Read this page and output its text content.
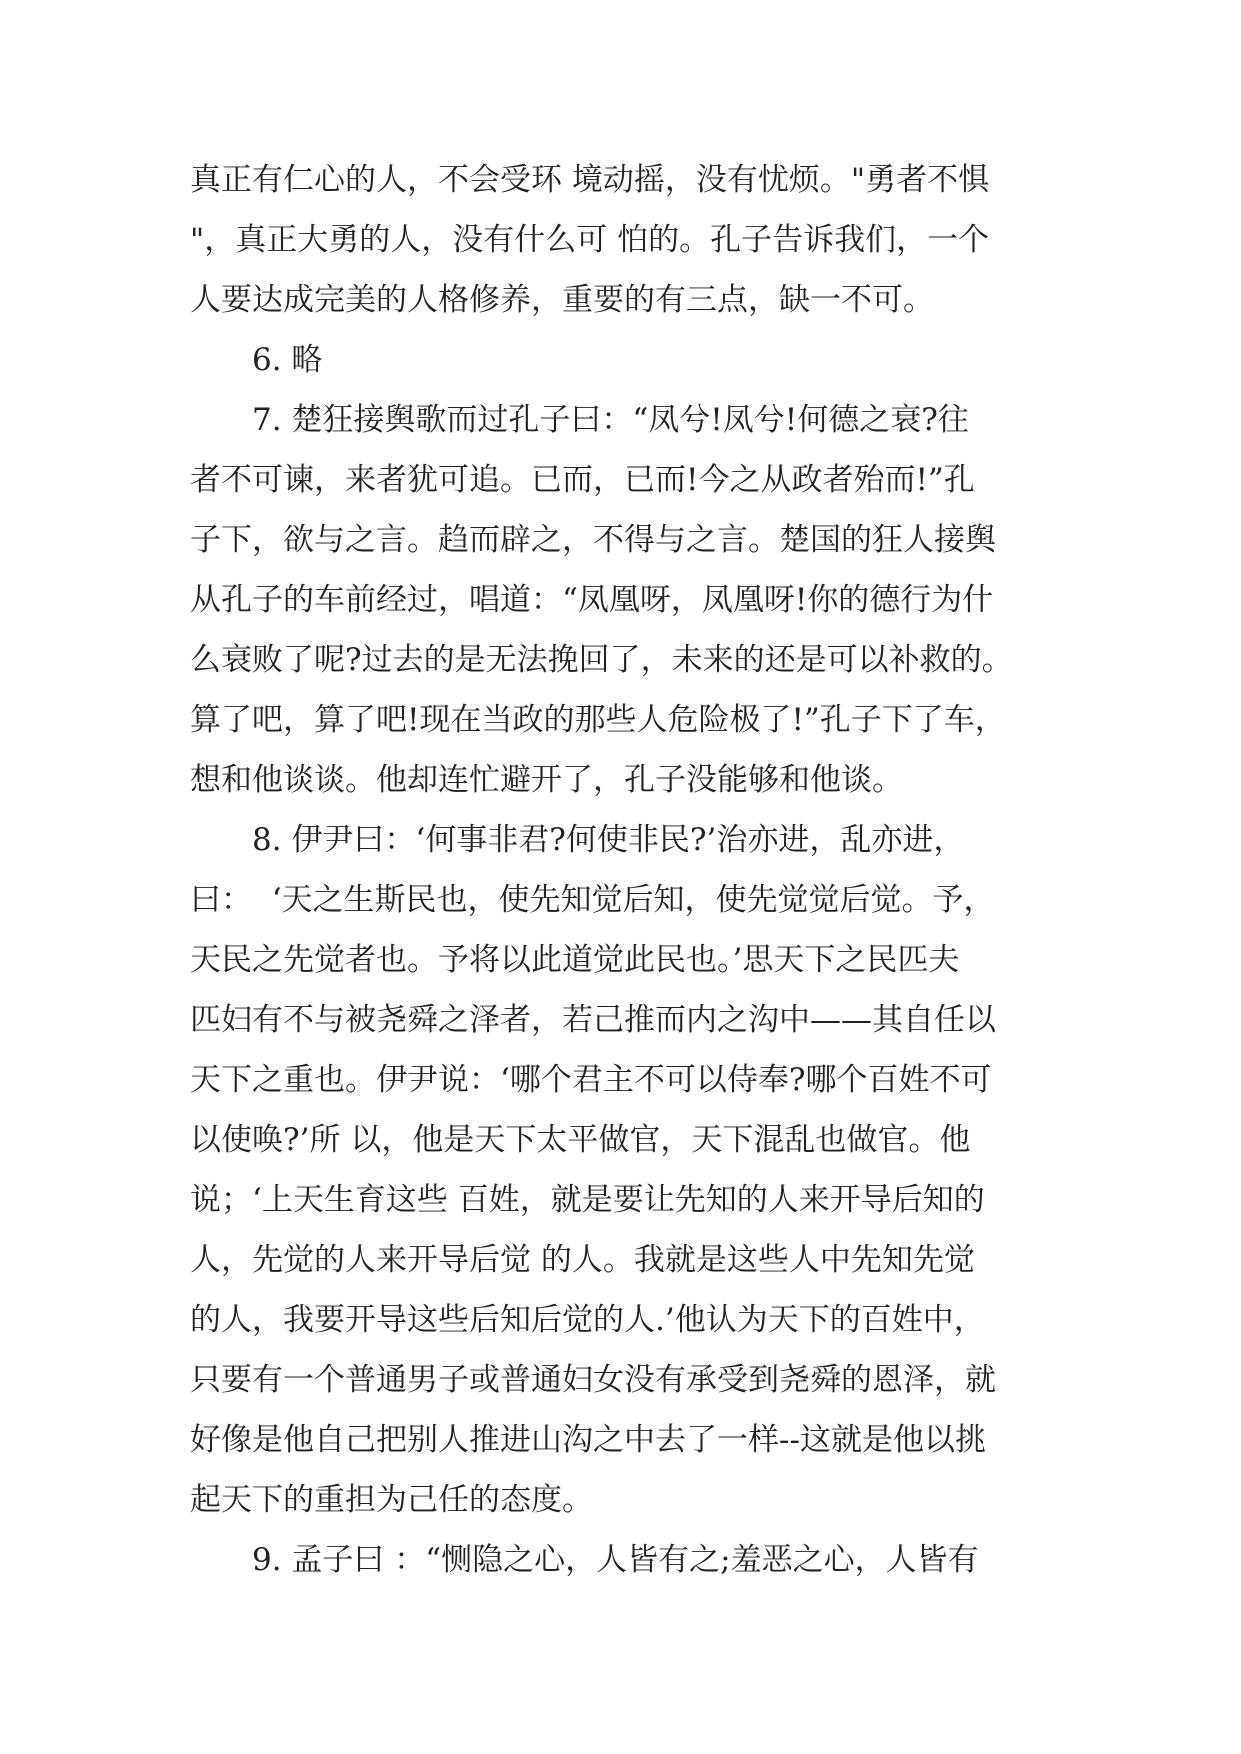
真正有仁心的人，不会受环 境动摇，没有忧烦。"勇者不惧
"，真正大勇的人，没有什么可 怕的。孔子告诉我们，一个
人要达成完美的人格修养，重要的有三点，缺一不可。
6. 略
7. 楚狂接舆歌而过孔子曰：“凤兮!凤兮!何德之衰?往
者不可谏，来者犹可追。已而，已而!今之从政者殆而!”孔
子下，欲与之言。趋而辟之，不得与之言。楚国的狂人接舆
从孔子的车前经过，唱道：“凤凰呀，凤凰呀!你的德行为什
么衰败了呢?过去的是无法挽回了，未来的还是可以补救的。
算了吧，算了吧!现在当政的那些人危险极了!”孔子下了车，
想和他谈谈。他却连忙避开了，孔子没能够和他谈。
8. 伊尹曰：‘何事非君?何使非民?’治亦进，乱亦进，
曰：  ‘天之生斯民也，使先知觉后知，使先觉觉后觉。予，
天民之先觉者也。予将以此道觉此民也。’思天下之民匹夫
匹妇有不与被尧舜之泽者，若己推而内之沟中——其自任以
天下之重也。伊尹说：‘哪个君主不可以侍奉?哪个百姓不可
以使唤?’所 以，他是天下太平做官，天下混乱也做官。他
说；‘上天生育这些 百姓，就是要让先知的人来开导后知的
人，先觉的人来开导后觉 的人。我就是这些人中先知先觉
的人，我要开导这些后知后觉的人.’他认为天下的百姓中，
只要有一个普通男子或普通妇女没有承受到尧舜的恩泽，就
好像是他自己把别人推进山沟之中去了一样--这就是他以挑
起天下的重担为己任的态度。
9. 孟子曰 ：“恻隐之心，人皆有之;羞恶之心，人皆有
